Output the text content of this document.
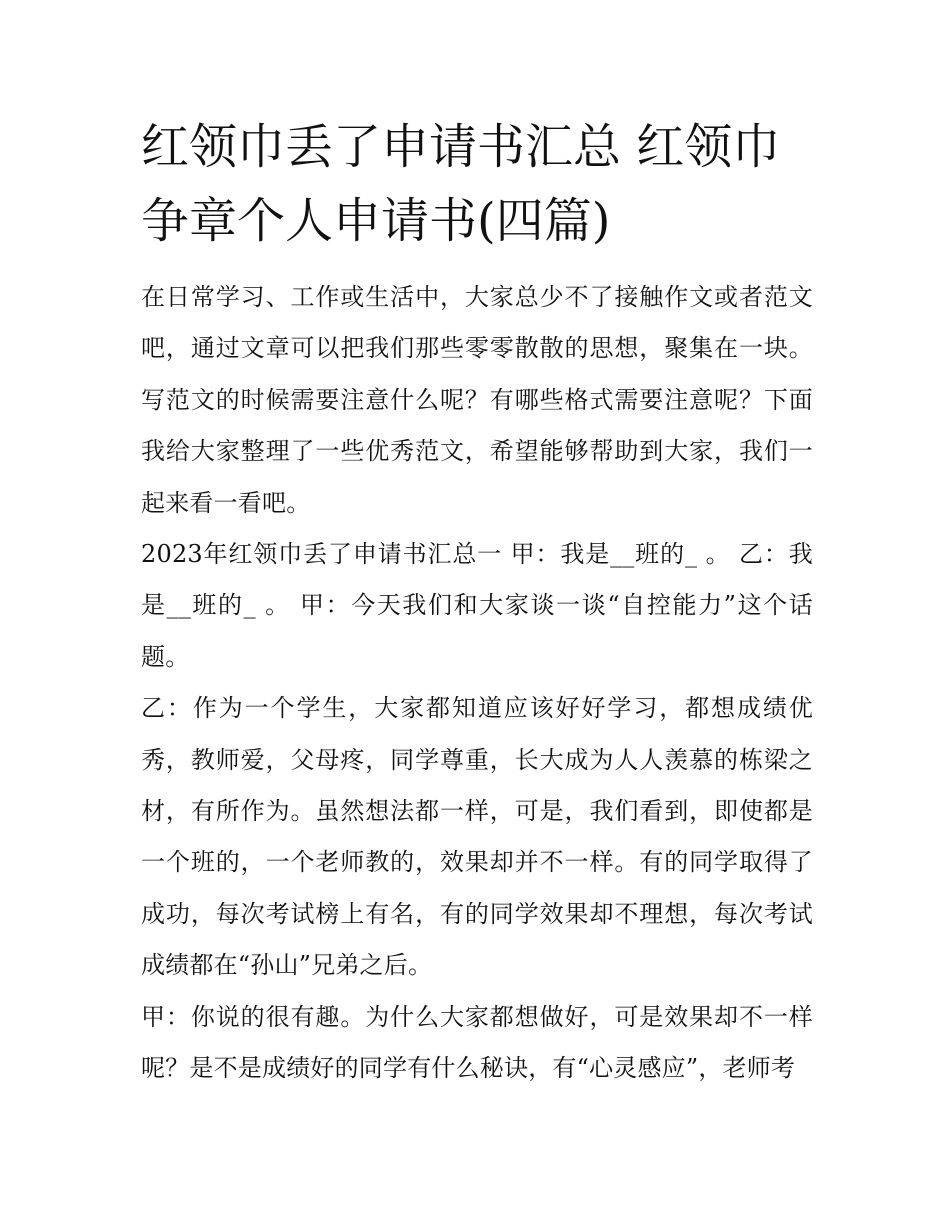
红领巾丢了申请书汇总 红领巾争章个人申请书(四篇)

在日常学习、工作或生活中，大家总少不了接触作文或者范文吧，通过文章可以把我们那些零零散散的思想，聚集在一块。写范文的时候需要注意什么呢？有哪些格式需要注意呢？下面我给大家整理了一些优秀范文，希望能够帮助到大家，我们一起来看一看吧。

2023年红领巾丢了申请书汇总一 甲：我是__班的_ 。 乙：我是__班的_ 。 甲：今天我们和大家谈一谈“自控能力”这个话题。

乙：作为一个学生，大家都知道应该好好学习，都想成绩优秀，教师爱，父母疼，同学尊重，长大成为人人羡慕的栋梁之材，有所作为。虽然想法都一样，可是，我们看到，即使都是一个班的，一个老师教的，效果却并不一样。有的同学取得了成功，每次考试榜上有名，有的同学效果却不理想，每次考试成绩都在“孙山”兄弟之后。

甲：你说的很有趣。为什么大家都想做好，可是效果却不一样呢？是不是成绩好的同学有什么秘诀，有“心灵感应”，老师考
